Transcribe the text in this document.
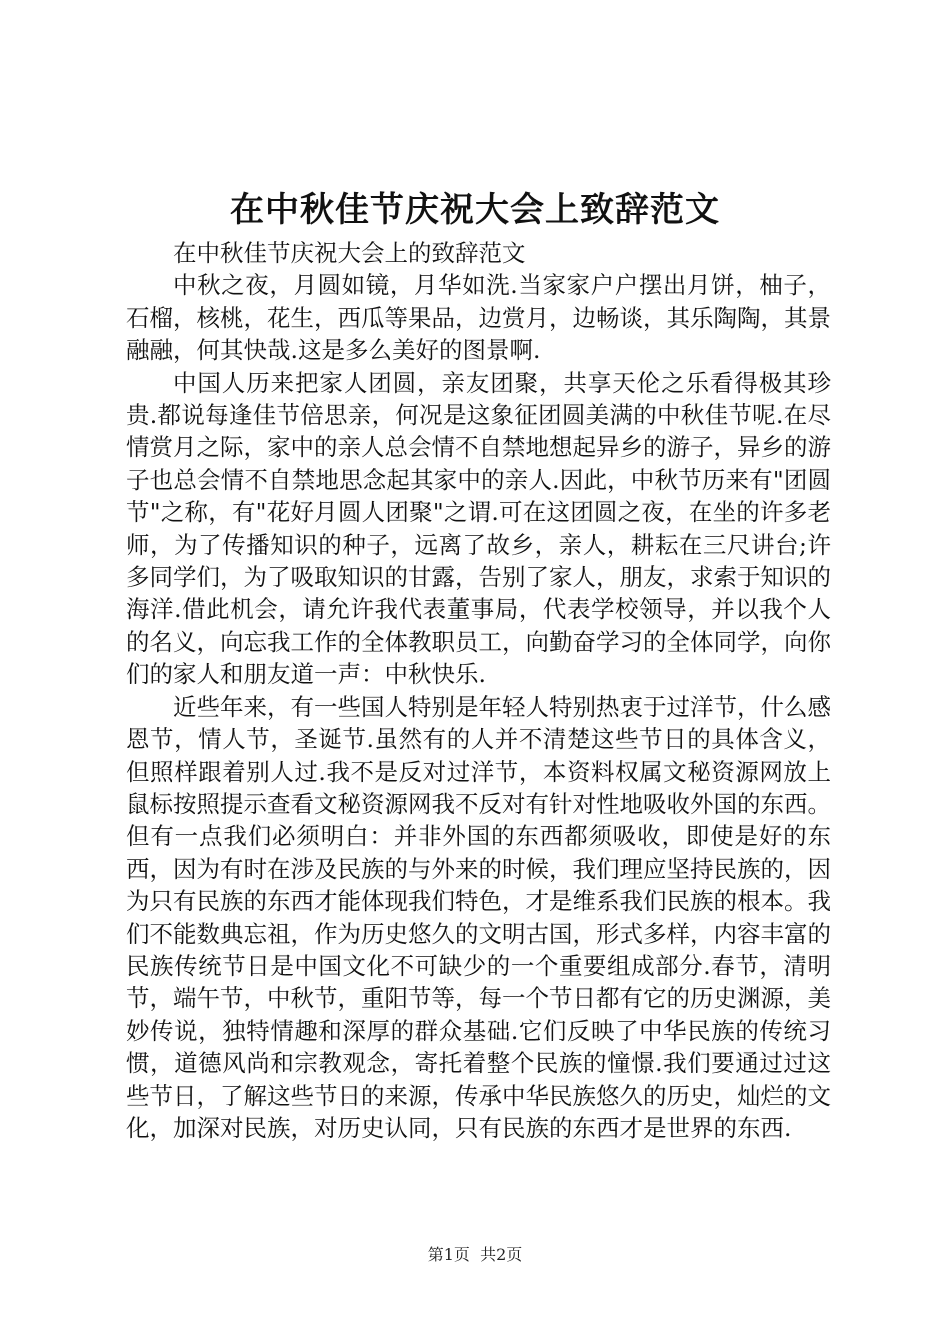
在中秋佳节庆祝大会上致辞范文

在中秋佳节庆祝大会上的致辞范文

中秋之夜，月圆如镜，月华如洗.当家家户户摆出月饼，柚子，石榴，核桃，花生，西瓜等果品，边赏月，边畅谈，其乐陶陶，其景融融，何其快哉.这是多么美好的图景啊.

中国人历来把家人团圆，亲友团聚，共享天伦之乐看得极其珍贵.都说每逢佳节倍思亲，何况是这象征团圆美满的中秋佳节呢.在尽情赏月之际，家中的亲人总会情不自禁地想起异乡的游子，异乡的游子也总会情不自禁地思念起其家中的亲人.因此，中秋节历来有"团圆节"之称，有"花好月圆人团聚"之谓.可在这团圆之夜，在坐的许多老师，为了传播知识的种子，远离了故乡，亲人，耕耘在三尺讲台;许多同学们，为了吸取知识的甘露，告别了家人，朋友，求索于知识的海洋.借此机会，请允许我代表董事局，代表学校领导，并以我个人的名义，向忘我工作的全体教职员工，向勤奋学习的全体同学，向你们的家人和朋友道一声：中秋快乐.

近些年来，有一些国人特别是年轻人特别热衷于过洋节，什么感恩节，情人节，圣诞节.虽然有的人并不清楚这些节日的具体含义，但照样跟着别人过.我不是反对过洋节，本资料权属文秘资源网放上鼠标按照提示查看文秘资源网我不反对有针对性地吸收外国的东西。但有一点我们必须明白：并非外国的东西都须吸收，即使是好的东西，因为有时在涉及民族的与外来的时候，我们理应坚持民族的，因为只有民族的东西才能体现我们特色，才是维系我们民族的根本。我们不能数典忘祖，作为历史悠久的文明古国，形式多样，内容丰富的民族传统节日是中国文化不可缺少的一个重要组成部分.春节，清明节，端午节，中秋节，重阳节等，每一个节日都有它的历史渊源，美妙传说，独特情趣和深厚的群众基础.它们反映了中华民族的传统习惯，道德风尚和宗教观念，寄托着整个民族的憧憬.我们要通过过这些节日，了解这些节日的来源，传承中华民族悠久的历史，灿烂的文化，加深对民族，对历史认同，只有民族的东西才是世界的东西.

第1页  共2页
